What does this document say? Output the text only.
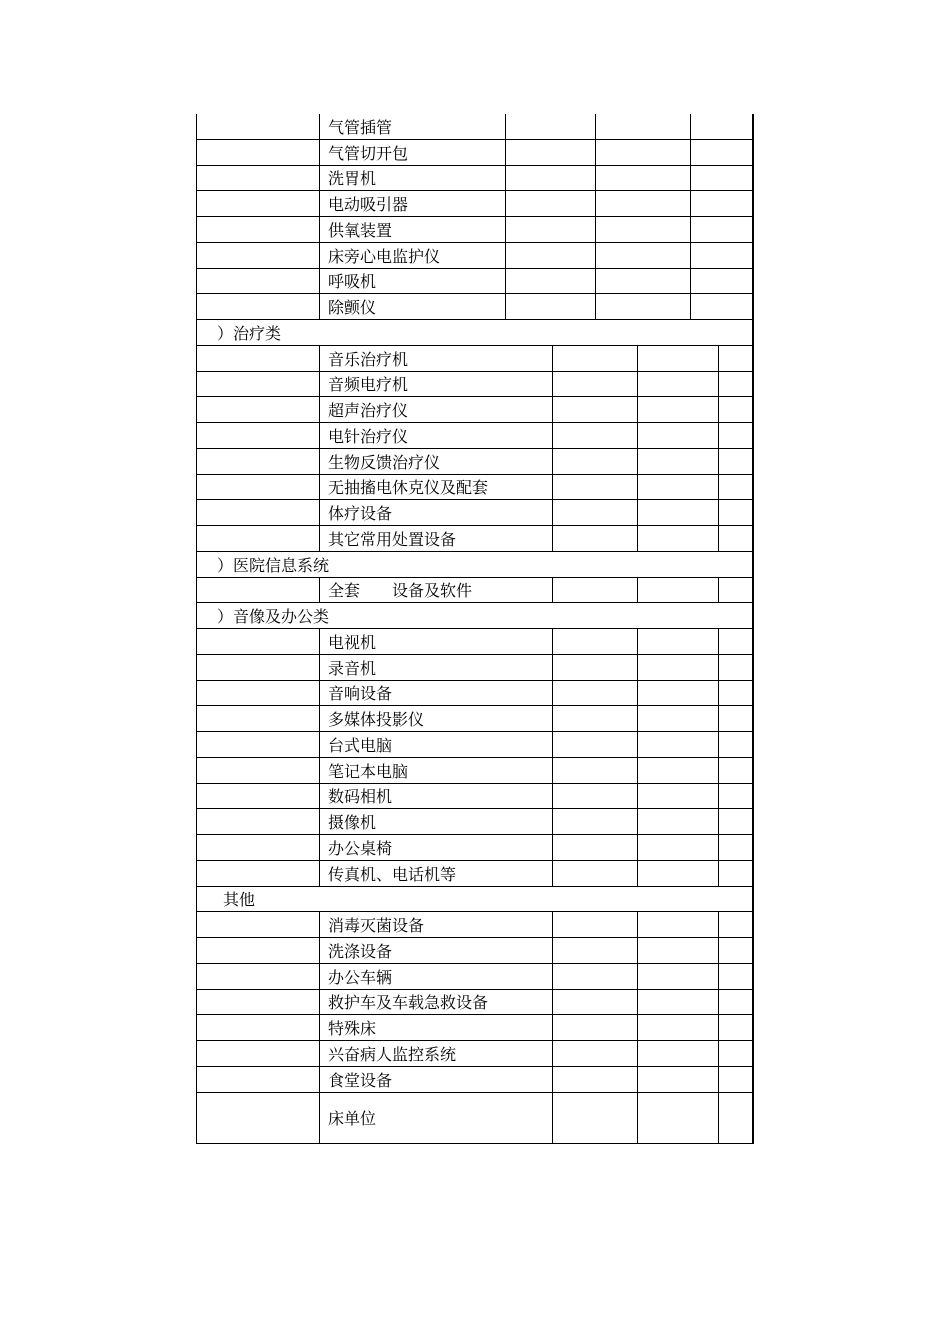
气管插管
气管切开包
洗胃机
电动吸引器
供氧装置
床旁心电监护仪
呼吸机
除颤仪
）治疗类
音乐治疗机
音频电疗机
超声治疗仪
电针治疗仪
生物反馈治疗仪
无抽搐电休克仪及配套
体疗设备
其它常用处置设备
）医院信息系统
全套　　设备及软件
）音像及办公类
电视机
录音机
音响设备
多媒体投影仪
台式电脑
笔记本电脑
数码相机
摄像机
办公桌椅
传真机、电话机等
其他
消毒灭菌设备
洗涤设备
办公车辆
救护车及车载急救设备
特殊床
兴奋病人监控系统
食堂设备
床单位
